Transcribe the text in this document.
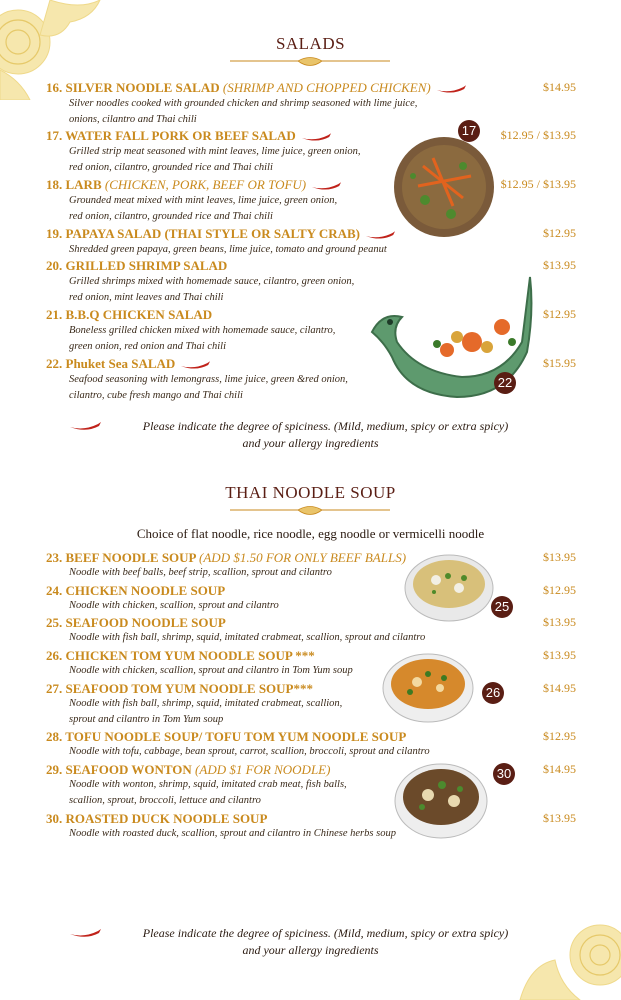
SALADS
16. SILVER NOODLE SALAD (SHRIMP AND CHOPPED CHICKEN)
Silver noodles cooked with grounded chicken and shrimp seasoned with lime juice,
onions, cilantro and Thai chili
$14.95
17. WATER FALL PORK OR BEEF SALAD
Grilled strip meat seasoned with mint leaves, lime juice, green onion,
red onion, cilantro, grounded rice and Thai chili
$12.95 / $13.95
18. LARB (CHICKEN, PORK, BEEF OR TOFU)
Grounded meat mixed with mint leaves, lime juice, green onion,
red onion, cilantro, grounded rice and Thai chili
$12.95 / $13.95
19. PAPAYA SALAD (THAI STYLE OR SALTY CRAB)
Shredded green papaya, green beans, lime juice, tomato and ground peanut
$12.95
20. GRILLED SHRIMP SALAD
Grilled shrimps mixed with homemade sauce, cilantro, green onion,
red onion, mint leaves and Thai chili
$13.95
21. B.B.Q CHICKEN SALAD
Boneless grilled chicken mixed with homemade sauce, cilantro,
green onion, red onion and Thai chili
$12.95
22. Phuket Sea SALAD
Seafood seasoning with lemongrass, lime juice, green &red onion,
cilantro, cube fresh mango and Thai chili
$15.95
17
22
Please indicate the degree of spiciness. (Mild, medium, spicy or extra spicy)
and your allergy ingredients
THAI NOODLE SOUP
Choice of flat noodle, rice noodle, egg noodle or vermicelli noodle
23. BEEF NOODLE SOUP (ADD $1.50 FOR ONLY BEEF BALLS)
Noodle with beef balls, beef strip, scallion, sprout and cilantro
$13.95
24. CHICKEN NOODLE SOUP
Noodle with chicken, scallion, sprout and cilantro
$12.95
25. SEAFOOD NOODLE SOUP
Noodle with fish ball, shrimp, squid, imitated crabmeat, scallion, sprout and cilantro
$13.95
26. CHICKEN TOM YUM NOODLE SOUP ***
Noodle with chicken, scallion, sprout and cilantro in Tom Yum soup
$13.95
27. SEAFOOD TOM YUM NOODLE SOUP***
Noodle with fish ball, shrimp, squid, imitated crabmeat, scallion,
sprout and cilantro in Tom Yum soup
$14.95
28. TOFU NOODLE SOUP/ TOFU TOM YUM NOODLE SOUP
Noodle with tofu, cabbage, bean sprout, carrot, scallion, broccoli, sprout and cilantro
$12.95
29. SEAFOOD WONTON (ADD $1 FOR NOODLE)
Noodle with wonton, shrimp, squid, imitated crab meat, fish balls,
scallion, sprout, broccoli, lettuce and cilantro
$14.95
30. ROASTED DUCK NOODLE SOUP
Noodle with roasted duck, scallion, sprout and cilantro in Chinese herbs soup
$13.95
25
26
30
Please indicate the degree of spiciness. (Mild, medium, spicy or extra spicy)
and your allergy ingredients
